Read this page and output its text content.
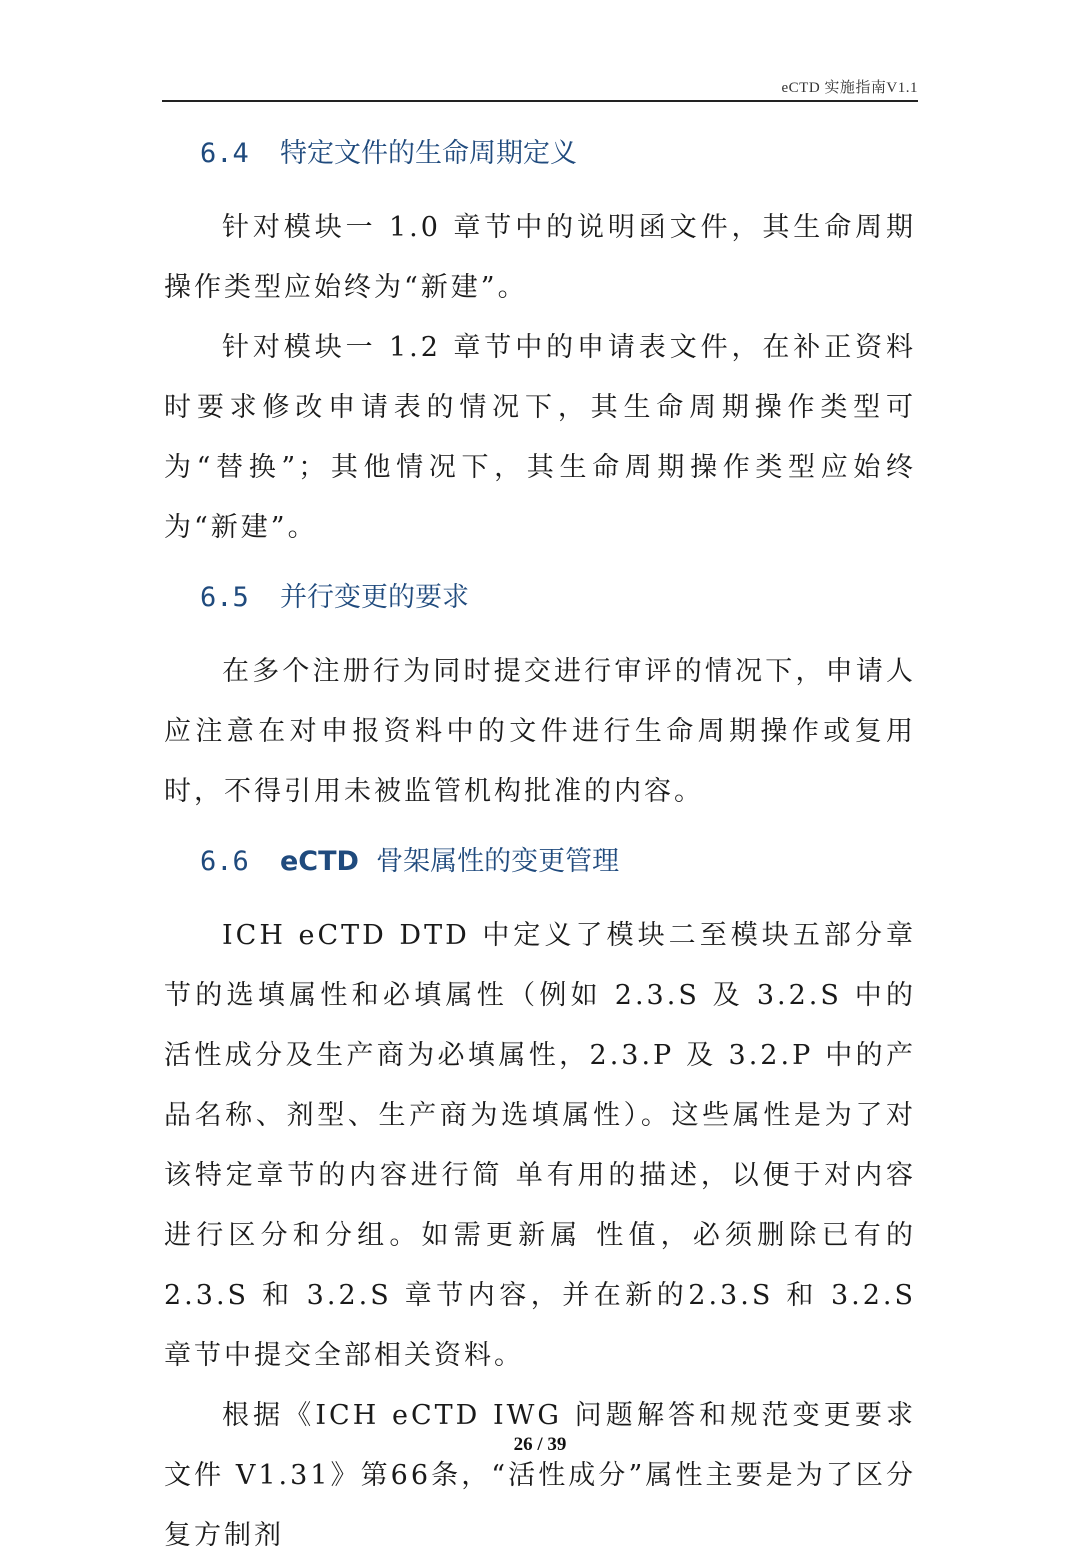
eCTD 实施指南V1.1
6.4 特定文件的生命周期定义

针对模块一 1.0 章节中的说明函文件，其生命周期操作类型应始终为“新建”。

针对模块一 1.2 章节中的申请表文件，在补正资料时要求修改申请表的情况下，其生命周期操作类型可为“替换”；其他情况下，其生命周期操作类型应始终为“新建”。

6.5 并行变更的要求

在多个注册行为同时提交进行审评的情况下，申请人应注意在对申报资料中的文件进行生命周期操作或复用时，不得引用未被监管机构批准的内容。

6.6 eCTD 骨架属性的变更管理

ICH eCTD DTD 中定义了模块二至模块五部分章节的选填属性和必填属性（例如 2.3.S 及 3.2.S 中的活性成分及生产商为必填属性，2.3.P 及 3.2.P 中的产品名称、剂型、生产商为选填属性）。这些属性是为了对该特定章节的内容进行简 单有用的描述，以便于对内容进行区分和分组。如需更新属 性值，必须删除已有的 2.3.S 和 3.2.S 章节内容，并在新的2.3.S 和 3.2.S 章节中提交全部相关资料。

根据《ICH eCTD IWG 问题解答和规范变更要求文件 V1.31》第66条，“活性成分”属性主要是为了区分复方制剂

26 / 39
